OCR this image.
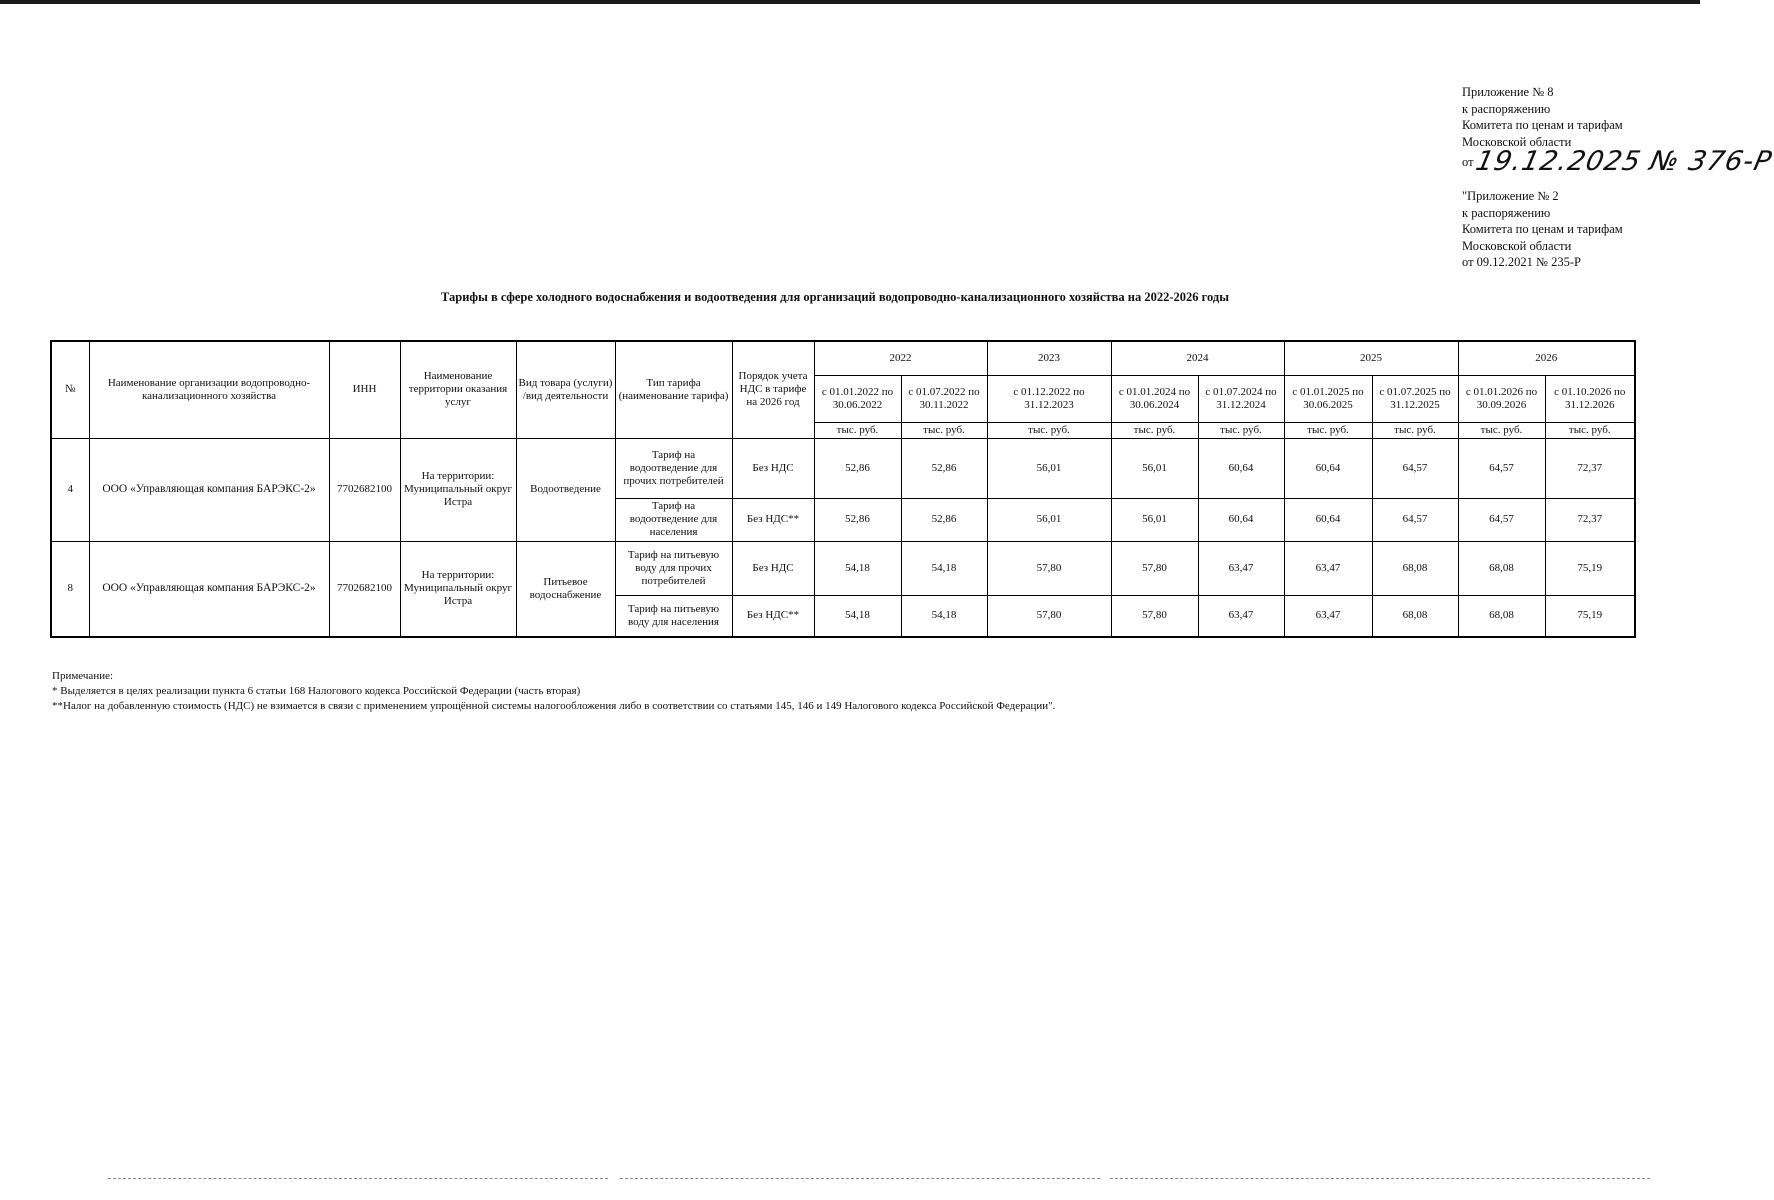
Приложение № 8
к распоряжению
Комитета по ценам и тарифам
Московской области
от19.12.2025 № 376-Р
"Приложение № 2
к распоряжению
Комитета по ценам и тарифам
Московской области
от 09.12.2021 № 235-Р
Тарифы в сфере холодного водоснабжения и водоотведения для организаций водопроводно-канализационного хозяйства на 2022-2026 годы
№	Наименование организации водопроводно-канализационного хозяйства	ИНН	Наименование территории оказания услуг	Вид товара (услуги) /вид деятельности	Тип тарифа (наименование тарифа)	Порядок учета НДС в тарифе на 2026 год	2022		2023	2024		2025		2026	
							с 01.01.2022 по 30.06.2022	с 01.07.2022 по 30.11.2022	с 01.12.2022 по 31.12.2023	с 01.01.2024 по 30.06.2024	с 01.07.2024 по 31.12.2024	с 01.01.2025 по 30.06.2025	с 01.07.2025 по 31.12.2025	с 01.01.2026 по 30.09.2026	с 01.10.2026 по 31.12.2026
							тыс. руб.	тыс. руб.	тыс. руб.	тыс. руб.	тыс. руб.	тыс. руб.	тыс. руб.	тыс. руб.	тыс. руб.
4	ООО «Управляющая компания БАРЭКС-2»	7702682100	На территории: Муниципальный округ Истра	Водоотведение	Тариф на водоотведение для прочих потребителей	Без НДС	52,86	52,86	56,01	56,01	60,64	60,64	64,57	64,57	72,37
					Тариф на водоотведение для населения	Без НДС**	52,86	52,86	56,01	56,01	60,64	60,64	64,57	64,57	72,37
8	ООО «Управляющая компания БАРЭКС-2»	7702682100	На территории: Муниципальный округ Истра	Питьевое водоснабжение	Тариф на питьевую воду для прочих потребителей	Без НДС	54,18	54,18	57,80	57,80	63,47	63,47	68,08	68,08	75,19
					Тариф на питьевую воду для населения	Без НДС**	54,18	54,18	57,80	57,80	63,47	63,47	68,08	68,08	75,19
Примечание:
* Выделяется в целях реализации пункта 6 статьи 168 Налогового кодекса Российской Федерации (часть вторая)
**Налог на добавленную стоимость (НДС) не взимается в связи с применением упрощённой системы налогообложения либо в соответствии со статьями 145, 146 и 149 Налогового кодекса Российской Федерации".
